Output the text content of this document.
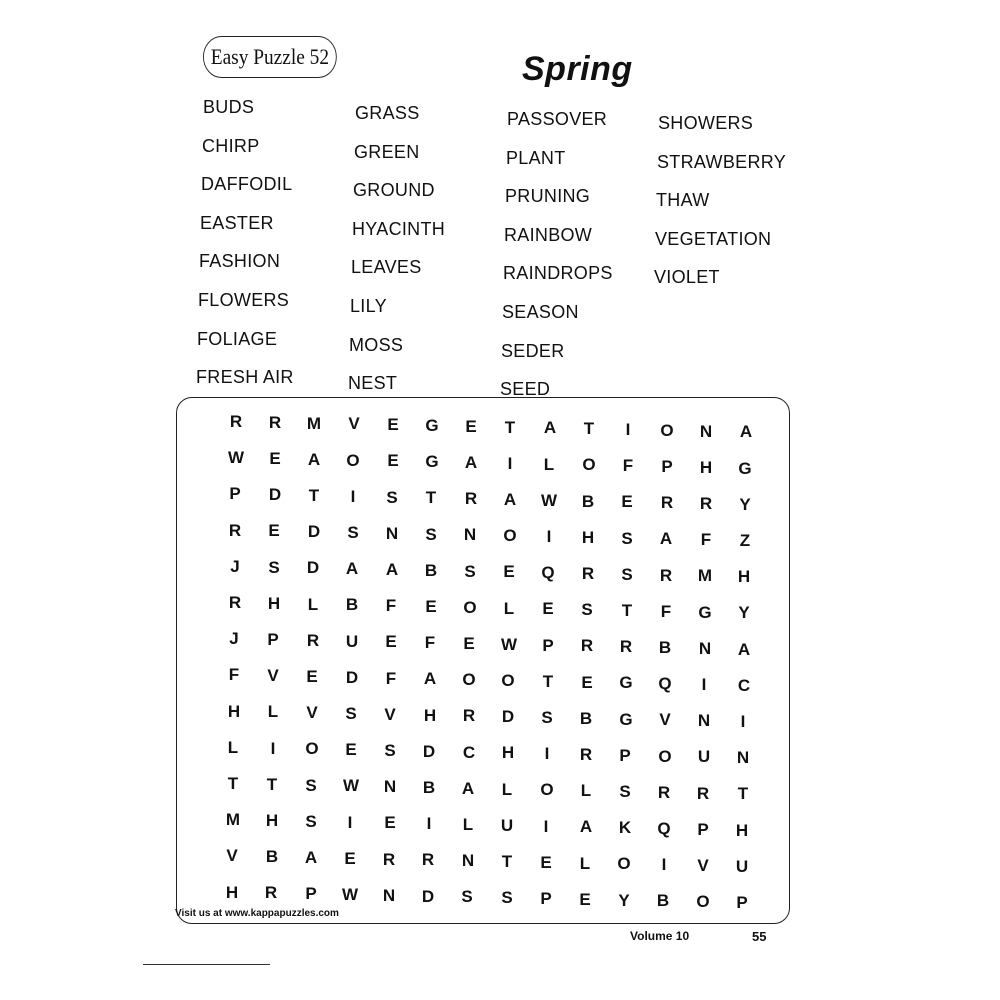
Easy Puzzle 52	Spring
BUDS
CHIRP
DAFFODIL
EASTER
FASHION
FLOWERS
FOLIAGE
FRESH AIR
GRASS
GREEN
GROUND
HYACINTH
LEAVES
LILY
MOSS
NEST
PASSOVER
PLANT
PRUNING
RAINBOW
RAINDROPS
SEASON
SEDER
SEED
SHOWERS
STRAWBERRY
THAW
VEGETATION
VIOLET
R	R	M	V	E	G	E	T	A	T	I	O	N	A
W	E	A	O	E	G	A	I	L	O	F	P	H	G
P	D	T	I	S	T	R	A	W	B	E	R	R	Y
R	E	D	S	N	S	N	O	I	H	S	A	F	Z
J	S	D	A	A	B	S	E	Q	R	S	R	M	H
R	H	L	B	F	E	O	L	E	S	T	F	G	Y
J	P	R	U	E	F	E	W	P	R	R	B	N	A
F	V	E	D	F	A	O	O	T	E	G	Q	I	C
H	L	V	S	V	H	R	D	S	B	G	V	N	I
L	I	O	E	S	D	C	H	I	R	P	O	U	N
T	T	S	W	N	B	A	L	O	L	S	R	R	T
M	H	S	I	E	I	L	U	I	A	K	Q	P	H
V	B	A	E	R	R	N	T	E	L	O	I	V	U
H	R	P	W	N	D	S	S	P	E	Y	B	O	P
Visit us at www.kappapuzzles.com
Volume 10	55
